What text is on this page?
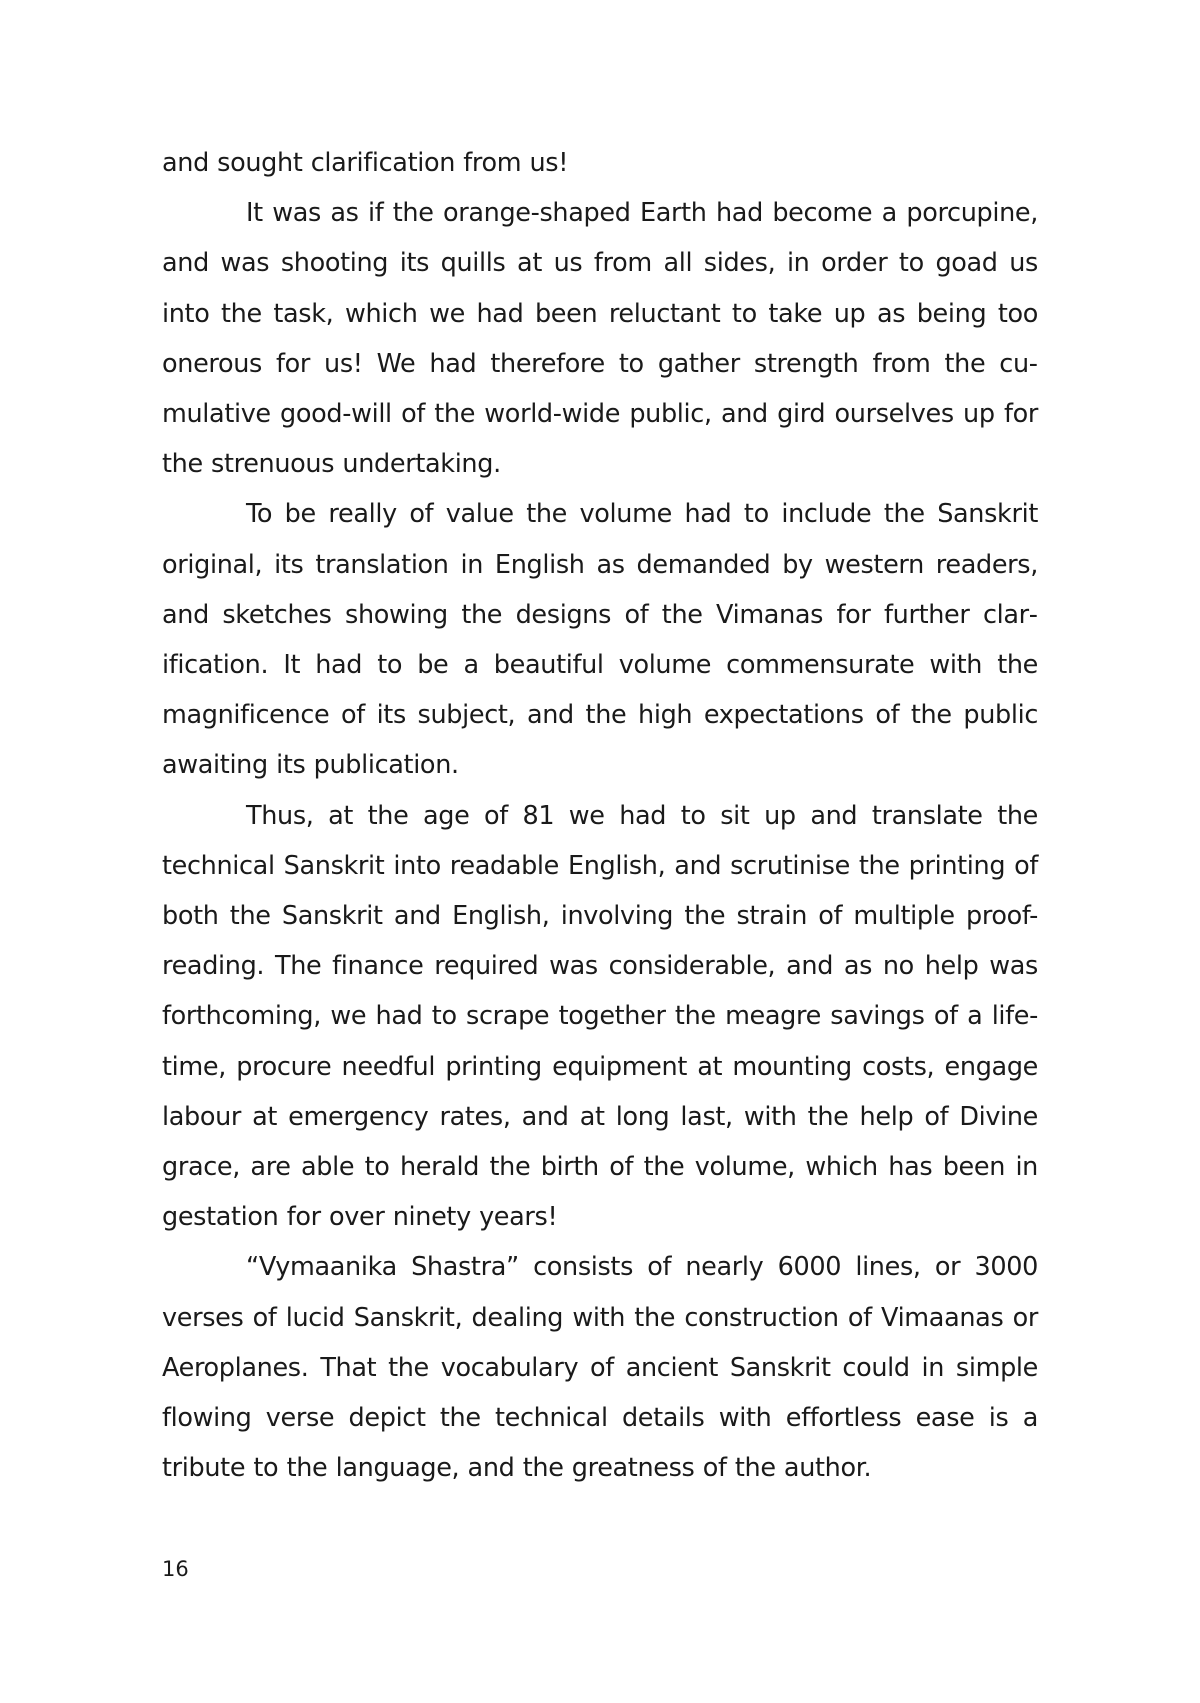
and sought clarification from us!

It was as if the orange-shaped Earth had become a porcupine, and was shooting its quills at us from all sides, in order to goad us into the task, which we had been reluctant to take up as being too onerous for us! We had therefore to gather strength from the cumulative good-will of the world-wide public, and gird ourselves up for the strenuous undertaking.

To be really of value the volume had to include the Sanskrit original, its translation in English as demanded by western readers, and sketches showing the designs of the Vimanas for further clarification. It had to be a beautiful volume commensurate with the magnificence of its subject, and the high expectations of the public awaiting its publication.

Thus, at the age of 81 we had to sit up and translate the technical Sanskrit into readable English, and scrutinise the printing of both the Sanskrit and English, involving the strain of multiple proof-reading. The finance required was considerable, and as no help was forthcoming, we had to scrape together the meagre savings of a life-time, procure needful printing equipment at mounting costs, engage labour at emergency rates, and at long last, with the help of Divine grace, are able to herald the birth of the volume, which has been in gestation for over ninety years!

“Vymaanika Shastra” consists of nearly 6000 lines, or 3000 verses of lucid Sanskrit, dealing with the construction of Vimaanas or Aeroplanes. That the vocabulary of ancient Sanskrit could in simple flowing verse depict the technical details with effortless ease is a tribute to the language, and the greatness of the author.

16
